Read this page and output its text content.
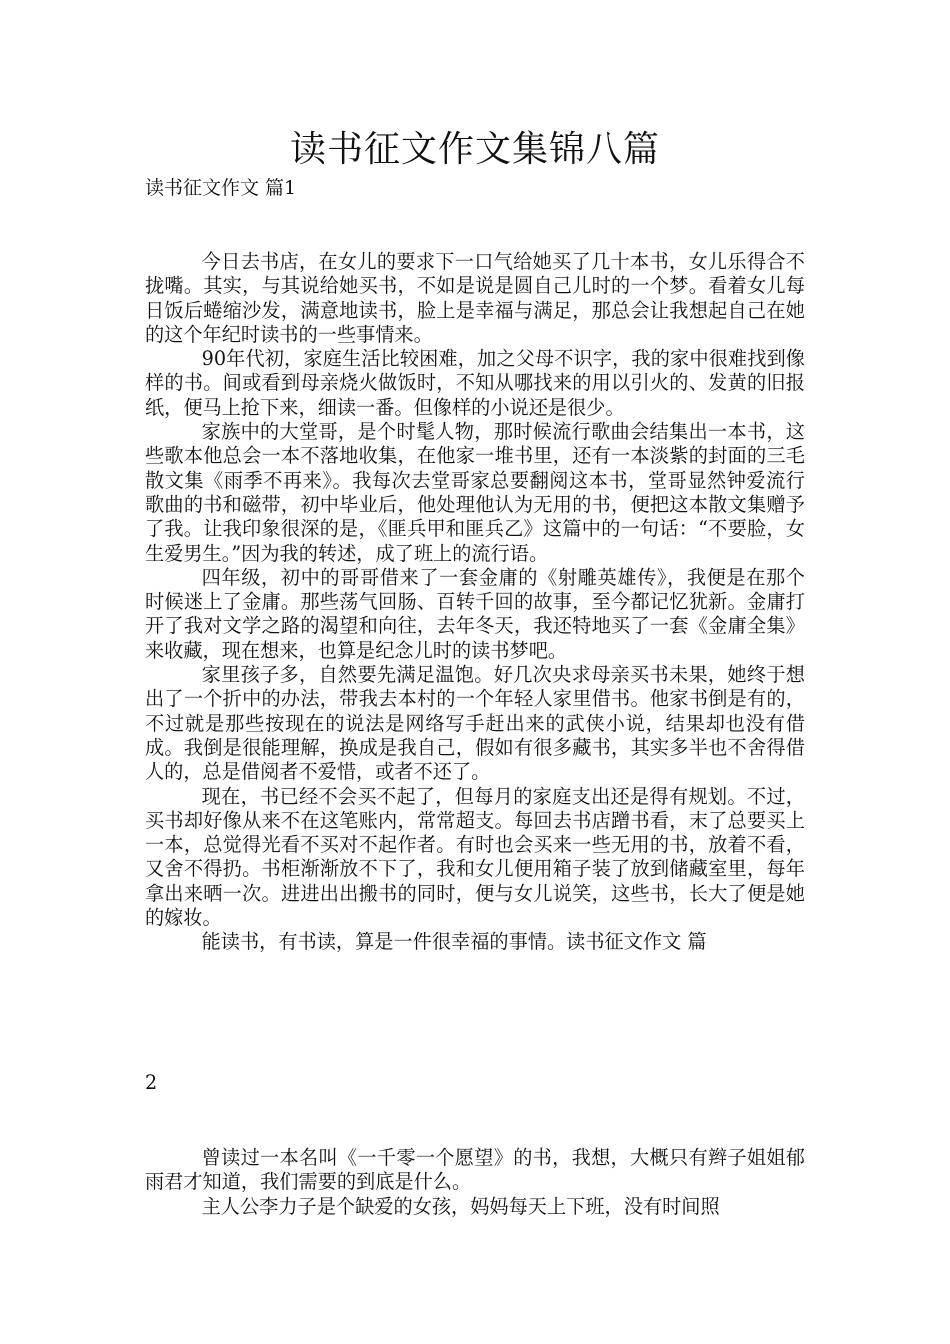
读书征文作文集锦八篇
读书征文作文 篇1

今日去书店，在女儿的要求下一口气给她买了几十本书，女儿乐得合不拢嘴。其实，与其说给她买书，不如是说是圆自己儿时的一个梦。看着女儿每日饭后蜷缩沙发，满意地读书，脸上是幸福与满足，那总会让我想起自己在她的这个年纪时读书的一些事情来。

90年代初，家庭生活比较困难，加之父母不识字，我的家中很难找到像样的书。间或看到母亲烧火做饭时，不知从哪找来的用以引火的、发黄的旧报纸，便马上抢下来，细读一番。但像样的小说还是很少。

家族中的大堂哥，是个时髦人物，那时候流行歌曲会结集出一本书，这些歌本他总会一本不落地收集，在他家一堆书里，还有一本淡紫的封面的三毛散文集《雨季不再来》。我每次去堂哥家总要翻阅这本书，堂哥显然钟爱流行歌曲的书和磁带，初中毕业后，他处理他认为无用的书，便把这本散文集赠予了我。让我印象很深的是，《匪兵甲和匪兵乙》这篇中的一句话：“不要脸，女生爱男生。”因为我的转述，成了班上的流行语。

四年级，初中的哥哥借来了一套金庸的《射雕英雄传》，我便是在那个时候迷上了金庸。那些荡气回肠、百转千回的故事，至今都记忆犹新。金庸打开了我对文学之路的渴望和向往，去年冬天，我还特地买了一套《金庸全集》来收藏，现在想来，也算是纪念儿时的读书梦吧。

家里孩子多，自然要先满足温饱。好几次央求母亲买书未果，她终于想出了一个折中的办法，带我去本村的一个年轻人家里借书。他家书倒是有的，不过就是那些按现在的说法是网络写手赶出来的武侠小说，结果却也没有借成。我倒是很能理解，换成是我自己，假如有很多藏书，其实多半也不舍得借人的，总是借阅者不爱惜，或者不还了。

现在，书已经不会买不起了，但每月的家庭支出还是得有规划。不过，买书却好像从来不在这笔账内，常常超支。每回去书店蹭书看，末了总要买上一本，总觉得光看不买对不起作者。有时也会买来一些无用的书，放着不看，又舍不得扔。书柜渐渐放不下了，我和女儿便用箱子装了放到储藏室里，每年拿出来晒一次。进进出出搬书的同时，便与女儿说笑，这些书，长大了便是她的嫁妆。

能读书，有书读，算是一件很幸福的事情。读书征文作文 篇

2

曾读过一本名叫《一千零一个愿望》的书，我想，大概只有辫子姐姐郁雨君才知道，我们需要的到底是什么。

主人公李力子是个缺爱的女孩，妈妈每天上下班，没有时间照
